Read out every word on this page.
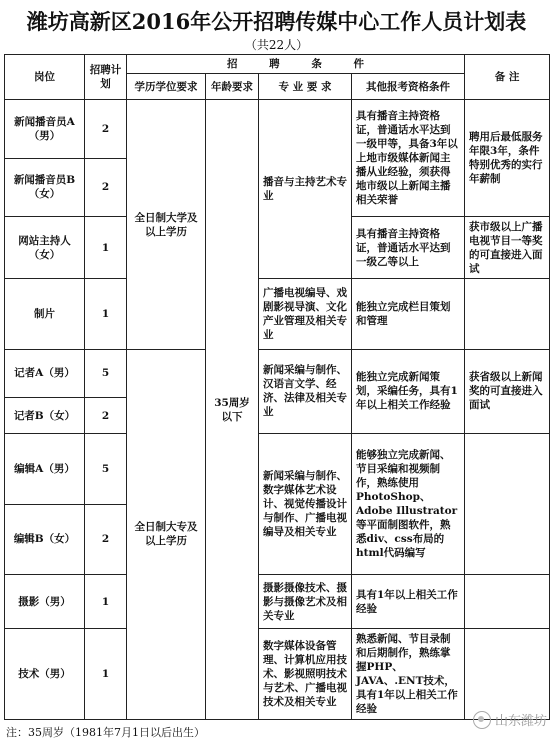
潍坊高新区2016年公开招聘传媒中心工作人员计划表
（共22人）
岗位	招聘计划	招 聘 条 件				备 注
		学历学位要求	年龄要求	专 业 要 求	其他报考资格条件	
新闻播音员A（男）	2	全日制大学及以上学历	35周岁以下	播音与主持艺术专业	具有播音主持资格证，普通话水平达到一级甲等，具备3年以上地市级媒体新闻主播从业经验，须获得地市级以上新闻主播相关荣誉	聘用后最低服务年限3年，条件特别优秀的实行年薪制
新闻播音员B（女）	2					
网站主持人（女）	1				具有播音主持资格证，普通话水平达到一级乙等以上	获市级以上广播电视节目一等奖的可直接进入面试
制片	1			广播电视编导、戏剧影视导演、文化产业管理及相关专业	能独立完成栏目策划和管理	
记者A（男）	5	全日制大专及以上学历		新闻采编与制作、汉语言文学、经济、法律及相关专业	能独立完成新闻策划，采编任务，具有1年以上相关工作经验	获省级以上新闻奖的可直接进入面试
记者B（女）	2					
编辑A（男）	5			新闻采编与制作、数字媒体艺术设计、视觉传播设计与制作、广播电视编导及相关专业	能够独立完成新闻、节目采编和视频制作，熟练使用PhotoShop、Adobe Illustrator等平面制图软件，熟悉div、css布局的html代码编写	
编辑B（女）	2					
摄影（男）	1			摄影摄像技术、摄影与摄像艺术及相关专业	具有1年以上相关工作经验	
技术（男）	1			数字媒体设备管理、计算机应用技术、影视照明技术与艺术、广播电视技术及相关专业	熟悉新闻、节目录制和后期制作，熟练掌握PHP、JAVA、.ENT技术，具有1年以上相关工作经验	
注：35周岁（1981年7月1日以后出生）
山东潍坊
